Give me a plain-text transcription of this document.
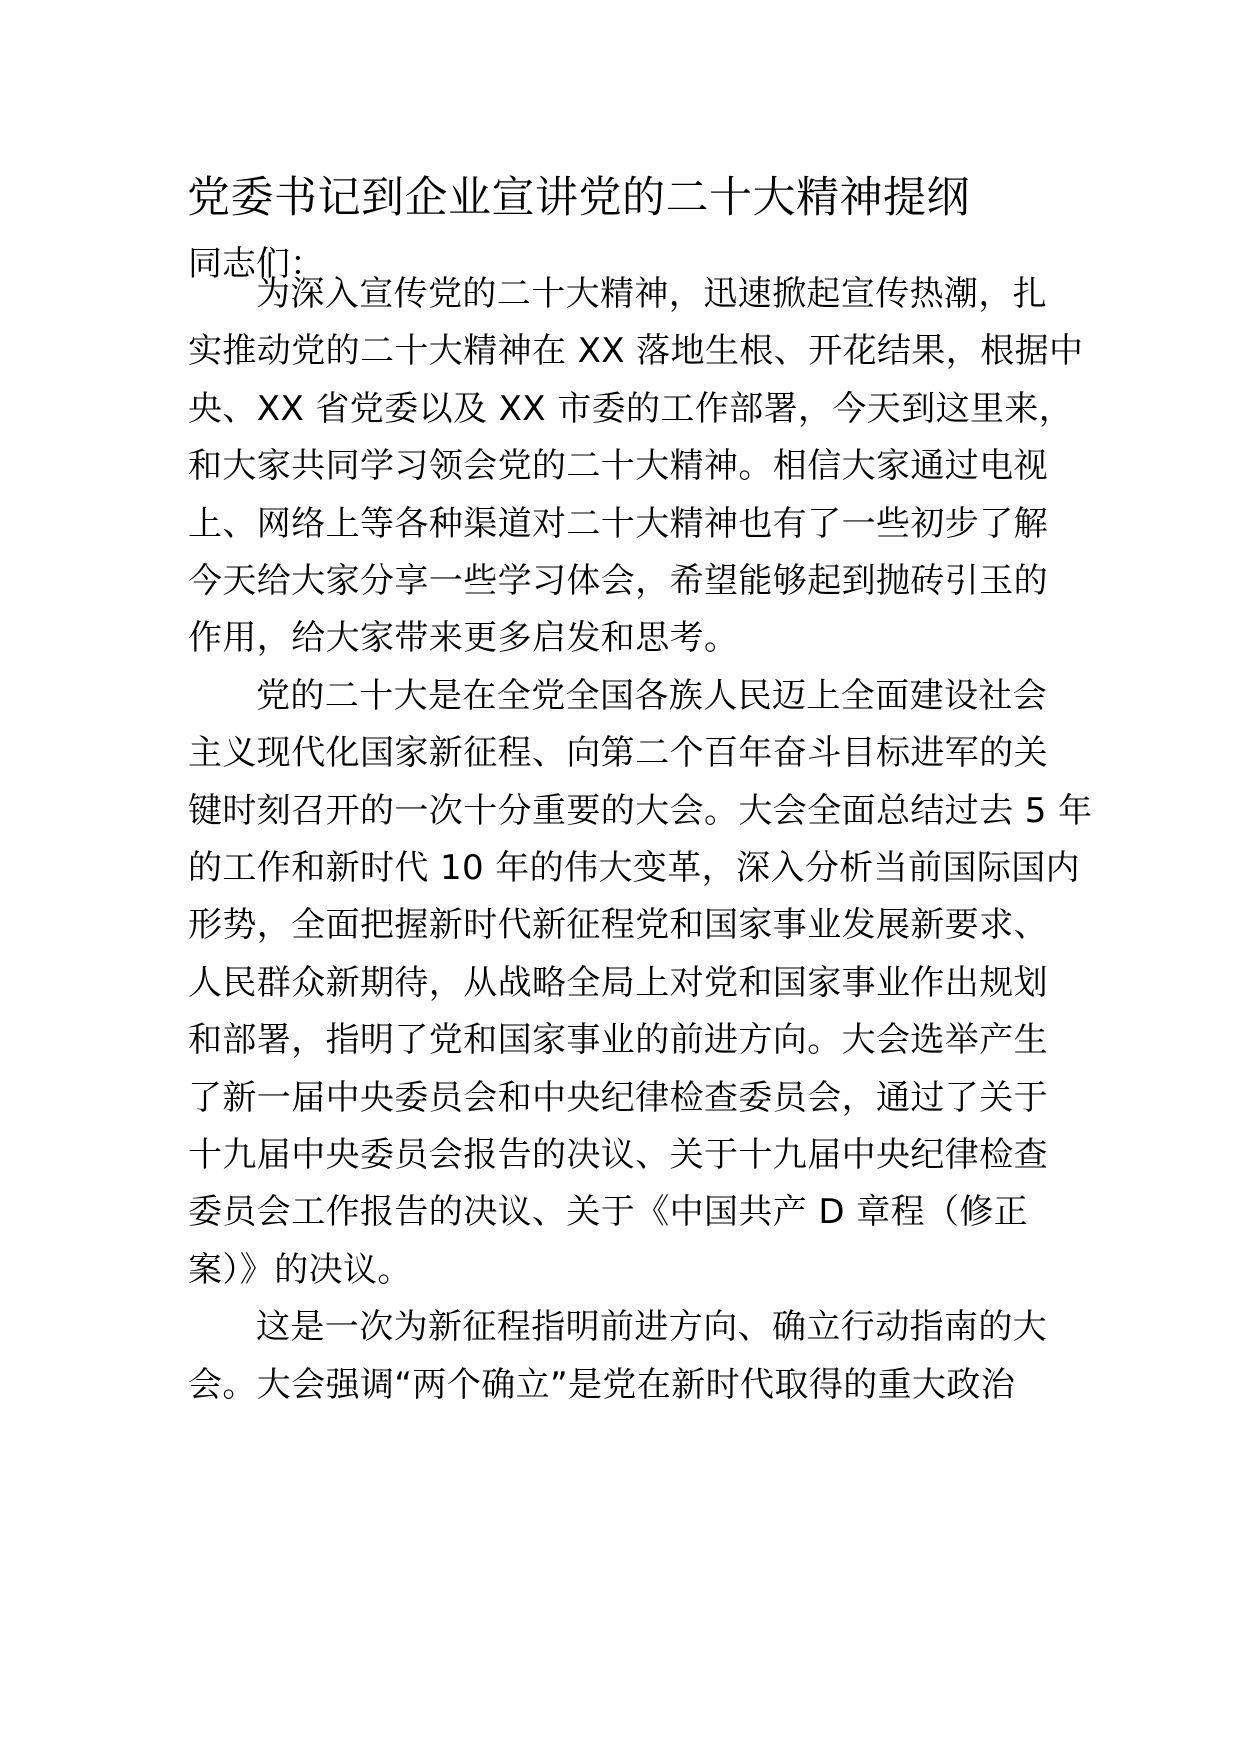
党委书记到企业宣讲党的二十大精神提纲
同志们：
为深入宣传党的二十大精神，迅速掀起宣传热潮，扎
实推动党的二十大精神在 XX 落地生根、开花结果，根据中
央、XX 省党委以及 XX 市委的工作部署，今天到这里来，
和大家共同学习领会党的二十大精神。相信大家通过电视
上、网络上等各种渠道对二十大精神也有了一些初步了解
今天给大家分享一些学习体会，希望能够起到抛砖引玉的
作用，给大家带来更多启发和思考。
党的二十大是在全党全国各族人民迈上全面建设社会
主义现代化国家新征程、向第二个百年奋斗目标进军的关
键时刻召开的一次十分重要的大会。大会全面总结过去 5 年
的工作和新时代 10 年的伟大变革，深入分析当前国际国内
形势，全面把握新时代新征程党和国家事业发展新要求、
人民群众新期待，从战略全局上对党和国家事业作出规划
和部署，指明了党和国家事业的前进方向。大会选举产生
了新一届中央委员会和中央纪律检查委员会，通过了关于
十九届中央委员会报告的决议、关于十九届中央纪律检查
委员会工作报告的决议、关于《中国共产 D 章程（修正
案）》的决议。
这是一次为新征程指明前进方向、确立行动指南的大
会。大会强调“两个确立”是党在新时代取得的重大政治
